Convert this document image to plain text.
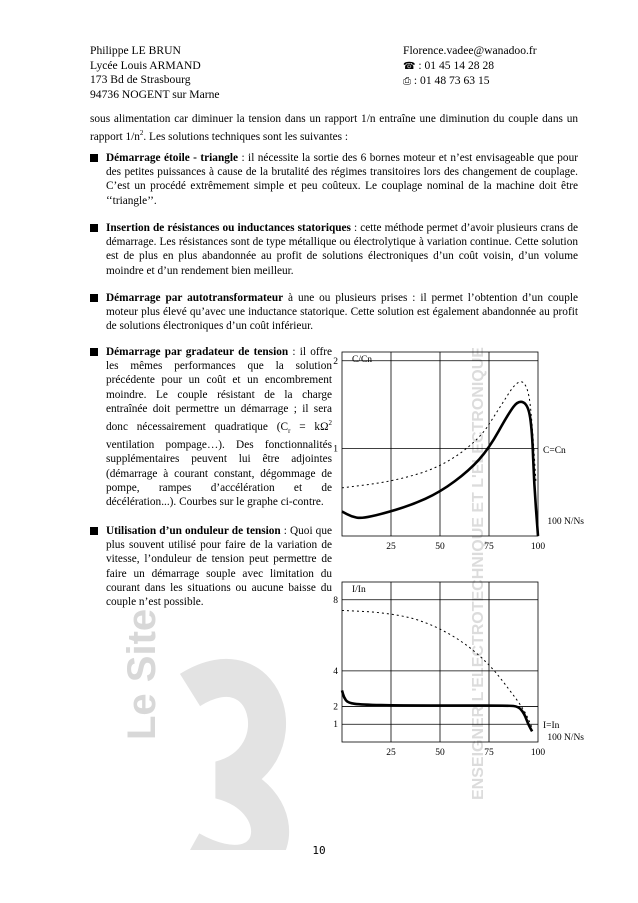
Le Site	ENSEIGNER L'ELECTROTECHNIQUE ET L'ELECTRONIQUE
Philippe LE BRUN
Lycée Louis ARMAND
173 Bd de Strasbourg
94736 NOGENT sur Marne
Florence.vadee@wanadoo.fr
☎ : 01 45 14 28 28
⎙ : 01 48 73 63 15
sous alimentation car diminuer la tension dans un rapport 1/n entraîne une diminution du couple dans un rapport $1/n^2$. Les solutions techniques sont les suivantes :
Démarrage étoile - triangle : il nécessite la sortie des 6 bornes moteur et n’est envisageable que pour des petites puissances à cause de la brutalité des régimes transitoires lors des changement de couplage. C’est un procédé extrêmement simple et peu coûteux. Le couplage nominal de la machine doit être ‘‘triangle’’.
Insertion de résistances ou inductances statoriques : cette méthode permet d’avoir plusieurs crans de démarrage. Les résistances sont de type métallique ou électrolytique à variation continue. Cette solution est de plus en plus abandonnée au profit de solutions électroniques d’un coût voisin, d’un volume moindre et d’un rendement bien meilleur.
Démarrage par autotransformateur à une ou plusieurs prises : il permet l’obtention d’un couple moteur plus élevé qu’avec une inductance statorique. Cette solution est également abandonnée au profit de solutions électroniques d’un coût inférieur.
Démarrage par gradateur de tension : il offre les mêmes performances que la solution précédente pour un coût et un encombrement moindre. Le couple résistant de la charge entraînée doit permettre un démarrage ; il sera donc nécessairement quadratique ($C_r = k\Omega^2$ ventilation pompage…). Des fonctionnalités supplémentaires peuvent lui être adjointes (démarrage à courant constant, dégommage de pompe, rampes d’accélération et de décélération...). Courbes sur le graphe ci-contre.
Utilisation d’un onduleur de tension : Quoi que plus souvent utilisé pour faire de la variation de vitesse, l’onduleur de tension peut permettre de faire un démarrage souple avec limitation du courant dans les situations ou aucune baisse du couple n’est possible.
25	50	75	100
1
2 C/Cn
100 N/Ns
C=Cn
25	50	75	100
1
2
4
8
I/In
100 N/Ns
I=In
10
